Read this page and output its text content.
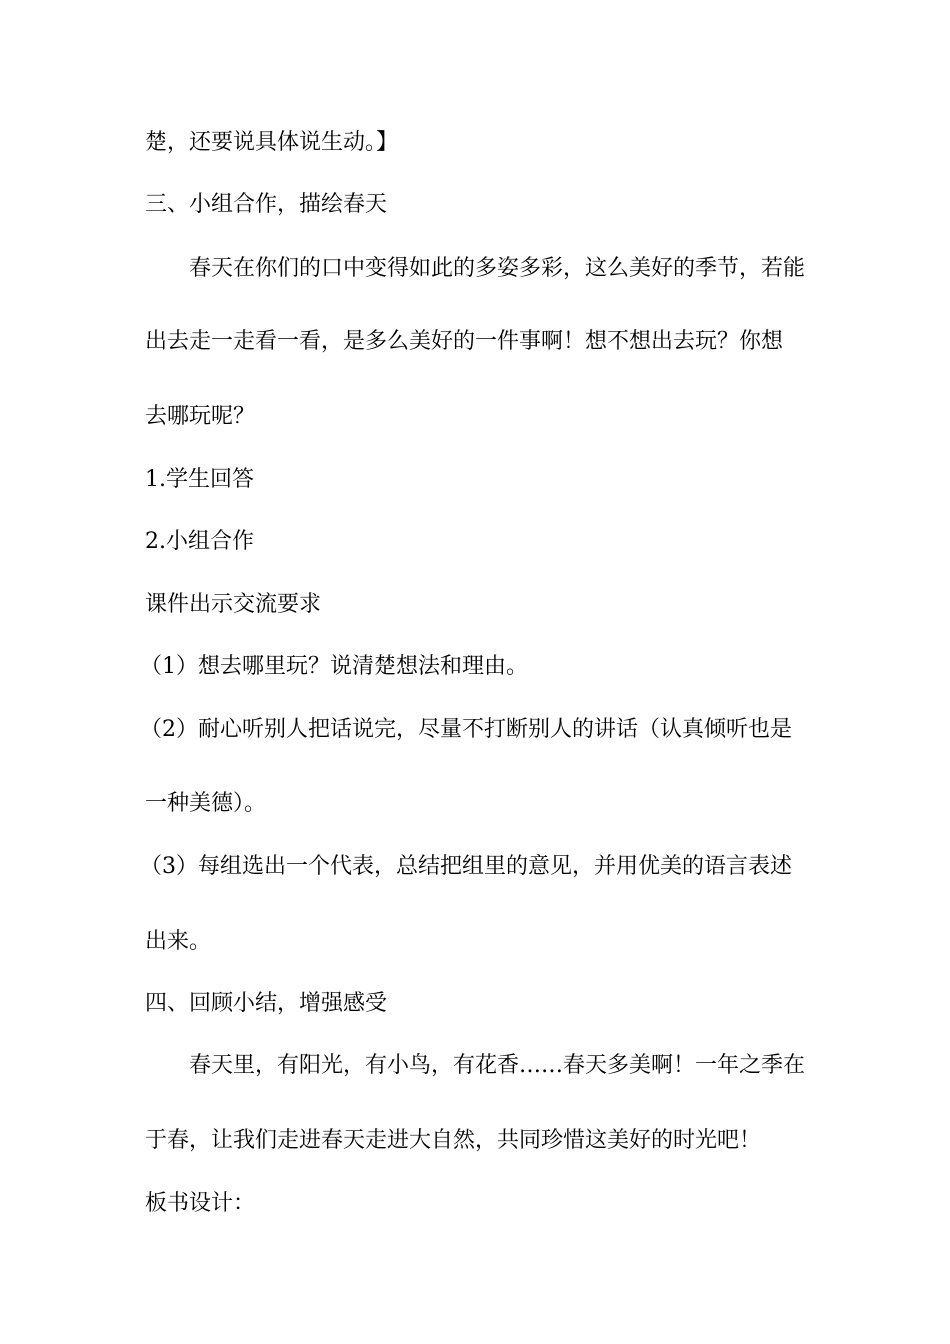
楚，还要说具体说生动。】
三、小组合作，描绘春天
春天在你们的口中变得如此的多姿多彩，这么美好的季节，若能
出去走一走看一看，是多么美好的一件事啊！想不想出去玩？你想
去哪玩呢？
1.学生回答
2.小组合作
课件出示交流要求
（1）想去哪里玩？说清楚想法和理由。
（2）耐心听别人把话说完，尽量不打断别人的讲话（认真倾听也是
一种美德）。
（3）每组选出一个代表，总结把组里的意见，并用优美的语言表述
出来。
四、回顾小结，增强感受
春天里，有阳光，有小鸟，有花香……春天多美啊！一年之季在
于春，让我们走进春天走进大自然，共同珍惜这美好的时光吧！
板书设计：
